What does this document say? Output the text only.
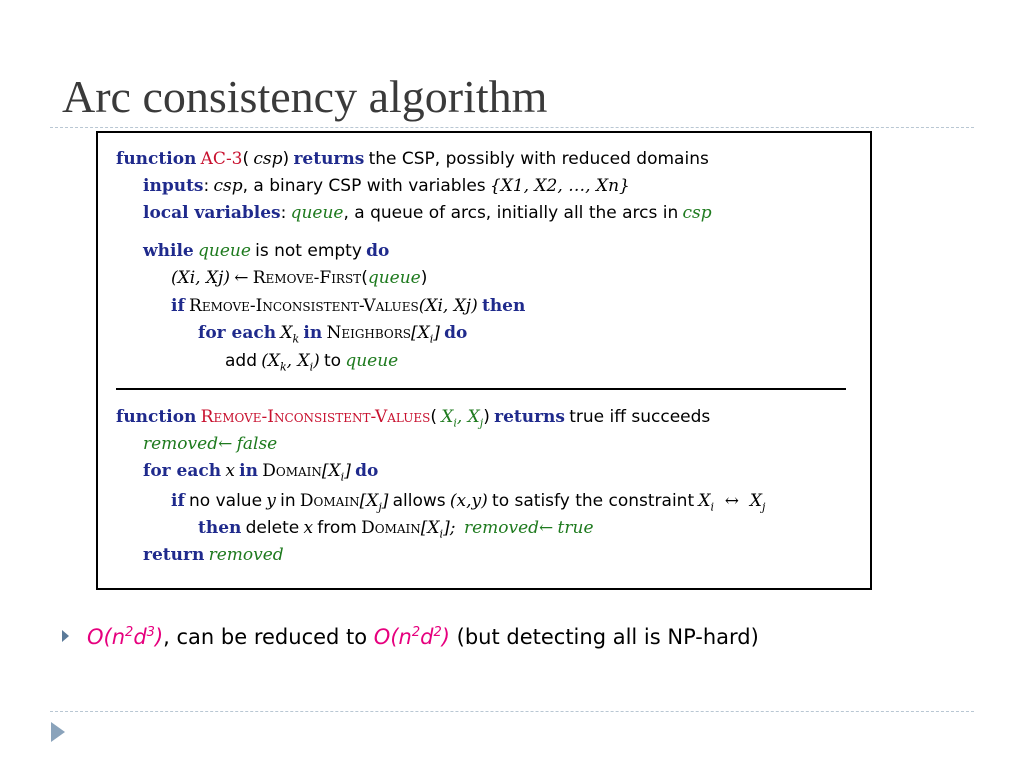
Arc consistency algorithm
function AC-3( csp) returns the CSP, possibly with reduced domains
inputs: csp, a binary CSP with variables {X1, X2, …, Xn}
local variables: queue, a queue of arcs, initially all the arcs in csp
while queue is not empty do
(Xi, Xj) ← Remove-First(queue)
if Remove-Inconsistent-Values(Xi, Xj) then
for each $X_k$ in $Neighbors[X_i]$ do
add ($X_k$, $X_i$) to queue
function Remove-Inconsistent-Values( $X_i$, $X_j$) returns true iff succeeds
removed← false
for each x in $Domain[X_i]$ do
if no value y in $Domain[X_j]$ allows (x,y) to satisfy the constraint $X_i$  ↔  $X_j$
then delete x from $Domain[X_i]$; removed← true
return removed
$O(n^2d^3)$, can be reduced to $O(n^2d^2)$ (but detecting all is NP-hard)
